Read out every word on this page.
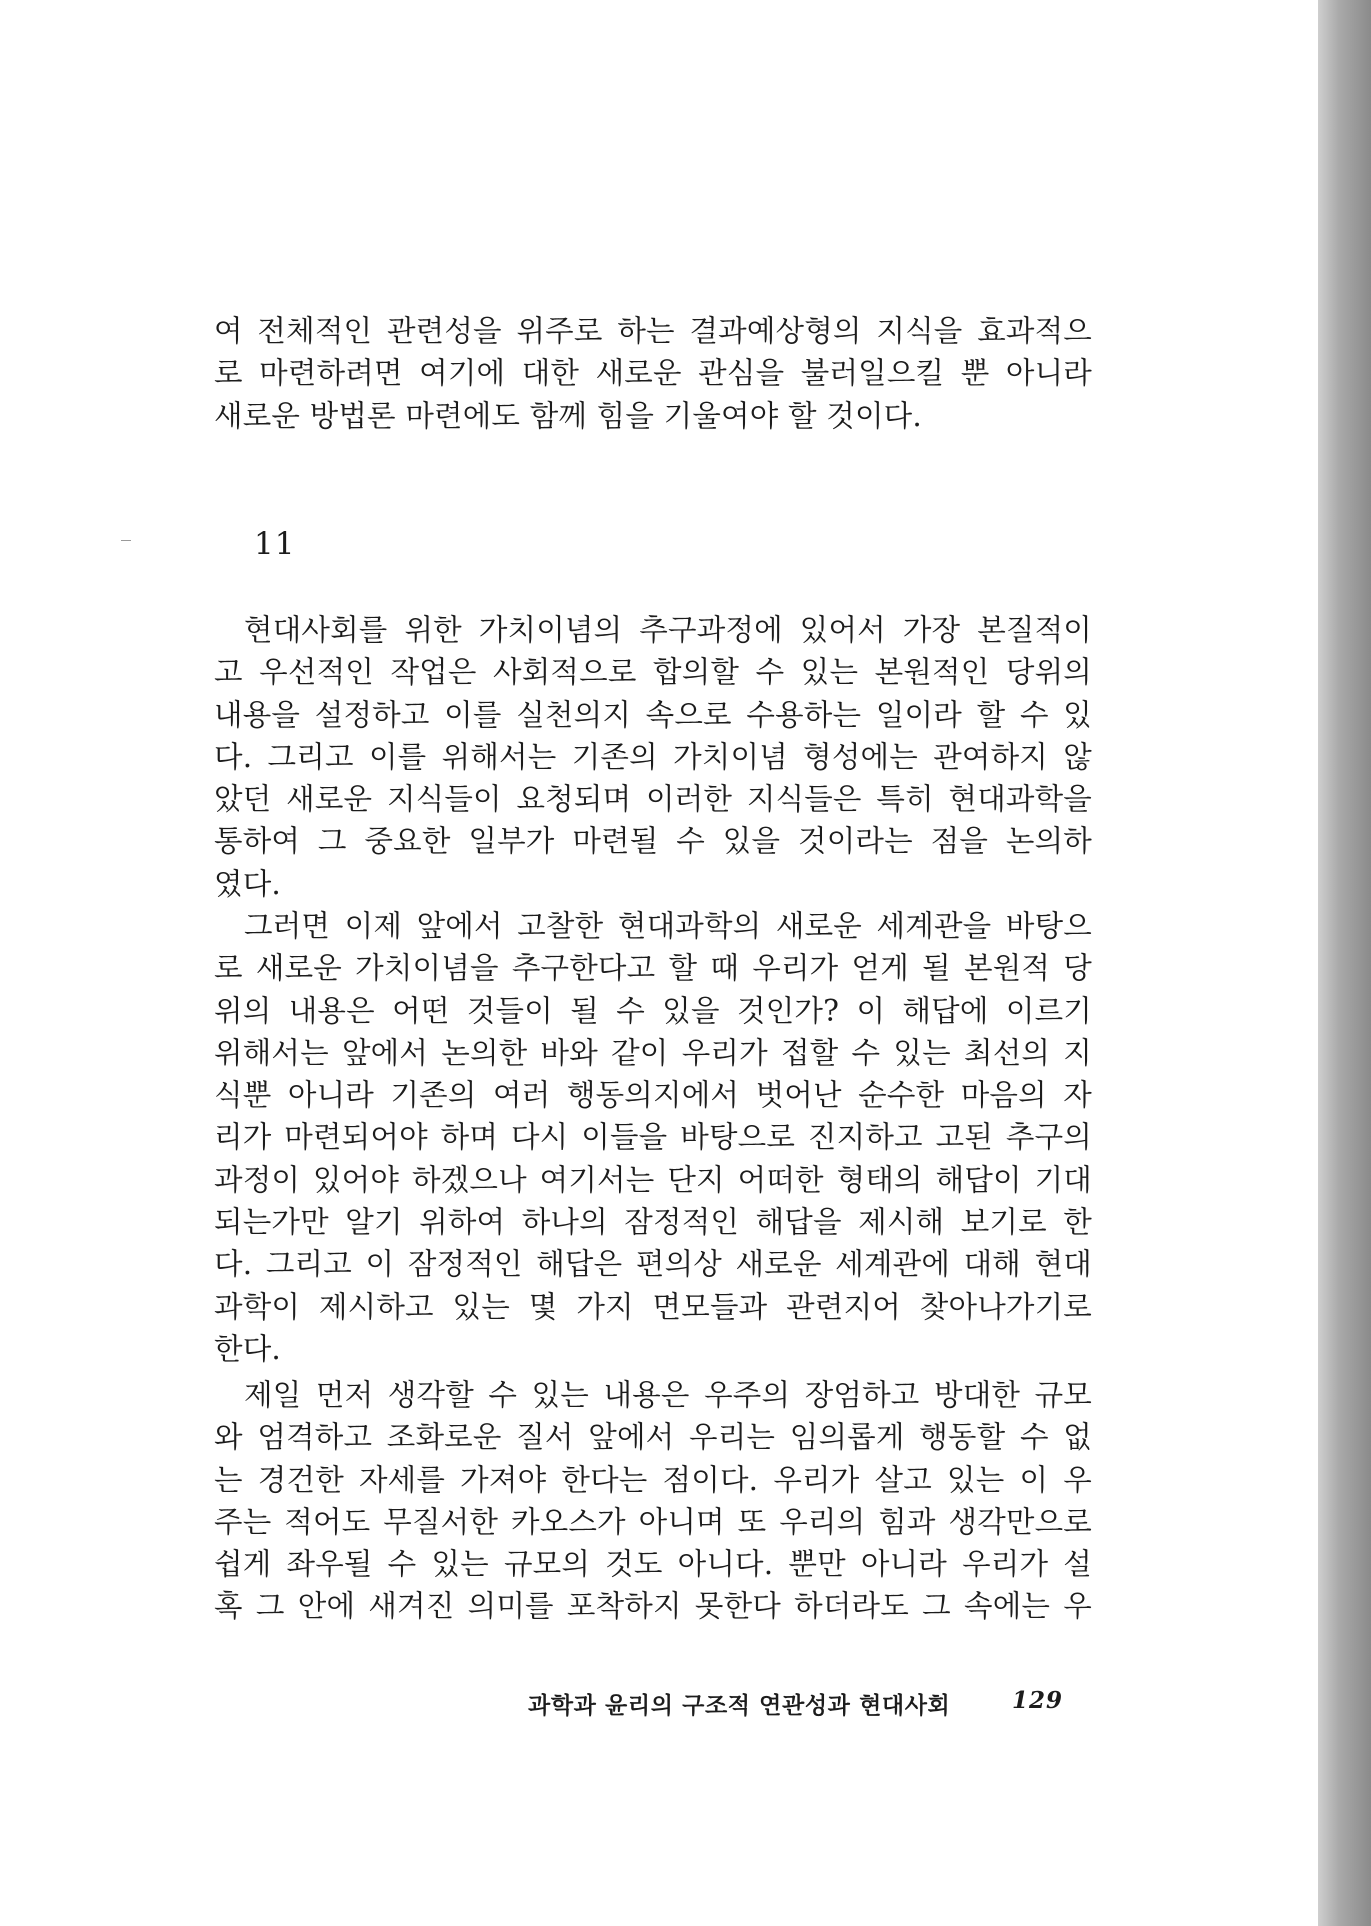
여 전체적인 관련성을 위주로 하는 결과예상형의 지식을 효과적으
로 마련하려면 여기에 대한 새로운 관심을 불러일으킬 뿐 아니라
새로운 방법론 마련에도 함께 힘을 기울여야 할 것이다.
11
현대사회를 위한 가치이념의 추구과정에 있어서 가장 본질적이
고 우선적인 작업은 사회적으로 합의할 수 있는 본원적인 당위의
내용을 설정하고 이를 실천의지 속으로 수용하는 일이라 할 수 있
다. 그리고 이를 위해서는 기존의 가치이념 형성에는 관여하지 않
았던 새로운 지식들이 요청되며 이러한 지식들은 특히 현대과학을
통하여 그 중요한 일부가 마련될 수 있을 것이라는 점을 논의하
였다.
그러면 이제 앞에서 고찰한 현대과학의 새로운 세계관을 바탕으
로 새로운 가치이념을 추구한다고 할 때 우리가 얻게 될 본원적 당
위의 내용은 어떤 것들이 될 수 있을 것인가? 이 해답에 이르기
위해서는 앞에서 논의한 바와 같이 우리가 접할 수 있는 최선의 지
식뿐 아니라 기존의 여러 행동의지에서 벗어난 순수한 마음의 자
리가 마련되어야 하며 다시 이들을 바탕으로 진지하고 고된 추구의
과정이 있어야 하겠으나 여기서는 단지 어떠한 형태의 해답이 기대
되는가만 알기 위하여 하나의 잠정적인 해답을 제시해 보기로 한
다. 그리고 이 잠정적인 해답은 편의상 새로운 세계관에 대해 현대
과학이 제시하고 있는 몇 가지 면모들과 관련지어 찾아나가기로
한다.
제일 먼저 생각할 수 있는 내용은 우주의 장엄하고 방대한 규모
와 엄격하고 조화로운 질서 앞에서 우리는 임의롭게 행동할 수 없
는 경건한 자세를 가져야 한다는 점이다. 우리가 살고 있는 이 우
주는 적어도 무질서한 카오스가 아니며 또 우리의 힘과 생각만으로
쉽게 좌우될 수 있는 규모의 것도 아니다. 뿐만 아니라 우리가 설
혹 그 안에 새겨진 의미를 포착하지 못한다 하더라도 그 속에는 우
과학과 윤리의 구조적 연관성과 현대사회	129
